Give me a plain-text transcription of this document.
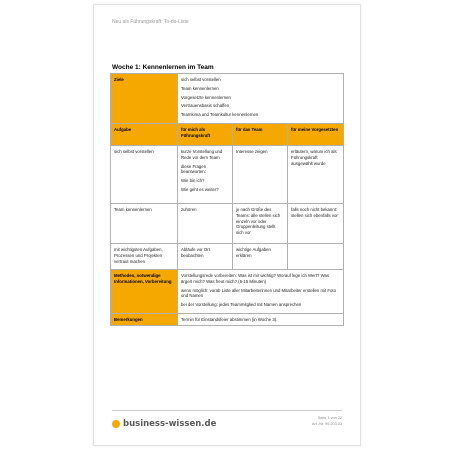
Neu als Führungskraft: To-do-Liste
Woche 1: Kennenlernen im Team
Ziele	sich selbst vorstellen
Team kennenlernen
Vorgesetzte kennenlernen
Vertrauensbasis schaffen
Teamkima und Teamkultur kennenlernen		

Aufgabe	für mich als Führungskraft	für das Team	für meine Vorgesetzten
sich selbst vorstellen	kurze Vorstellung und Rede vor dem Team
diese Fragen beantworten:
Wie bin ich?
Wie geht es weiter?	Interesse zeigen	erläutern, warum ich als Führungskraft ausgewählt wurde
Team kennenlernen	zuhören	je nach Größe des Teams: alle stellen sich einzeln vor oder Gruppenleitung stellt sich vor	falls noch nicht bekannt: stellen sich ebenfalls vor
mit wichtigsten Aufgaben, Prozessen und Projekten vertraut machen	Abläufe vor Ort beobachten	wichtige Aufgaben erklären	
Methoden, notwendige Informationen, Vorbereitung	Vorstellungsrede vorbereiten: Was ist mir wichtig? Worauf lege ich Wert? Was ärgert mich? Was freut mich? (5-15 Minuten)
wenn möglich: vorab Liste aller Mitarbeiterinnen und Mitarbeiter erstellen mit Foto und Namen
bei der Vorstellung: jedes Teammitglied mit Namen ansprechen		

Bemerkungen	Termin für Einstandsfeier abstimmen (in Woche 3).		
business-wissen.de
Seite 1 von 22
Art.-Nr. 99.203.03
